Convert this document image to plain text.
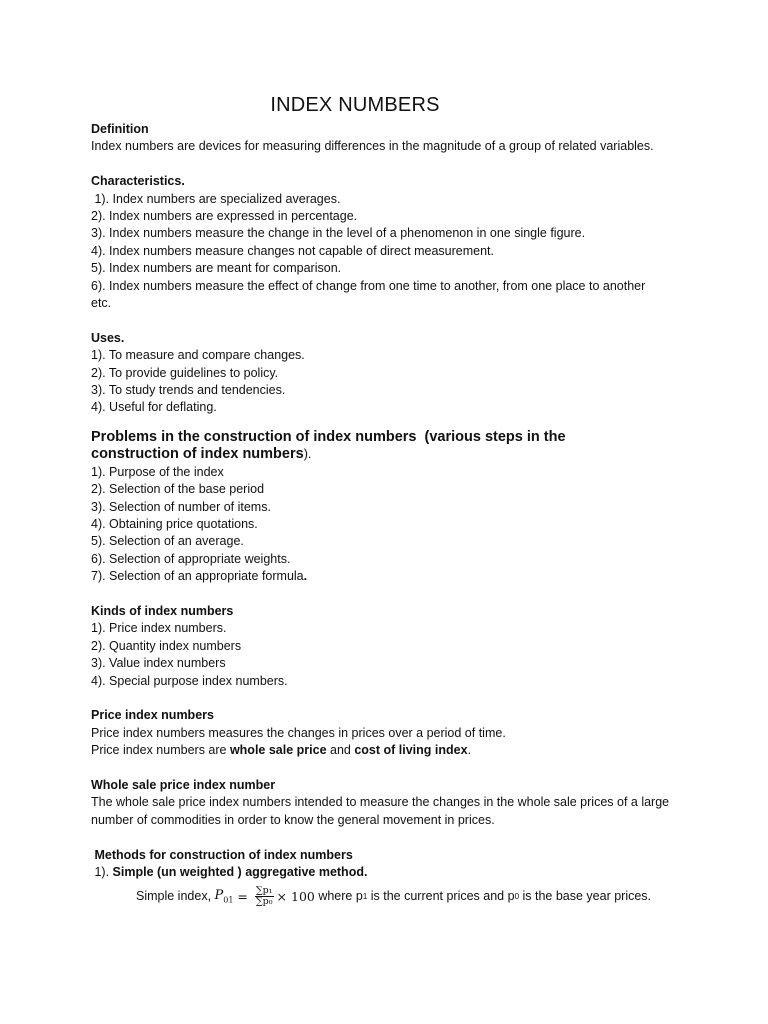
INDEX NUMBERS

Definition

Index numbers are devices for measuring differences in the magnitude of a group of related variables.

Characteristics.

1). Index numbers are specialized averages.

2). Index numbers are expressed in percentage.

3). Index numbers measure the change in the level of a phenomenon in one single figure.

4). Index numbers measure changes not capable of direct measurement.

5). Index numbers are meant for comparison.

6). Index numbers measure the effect of change from one time to another, from one place to another

etc.

Uses.

1). To measure and compare changes.

2). To provide guidelines to policy.

3). To study trends and tendencies.

4). Useful for deflating.

Problems in the construction of index numbers  (various steps in the
construction of index numbers).

1). Purpose of the index

2). Selection of the base period

3). Selection of number of items.

4). Obtaining price quotations.

5). Selection of an average.

6). Selection of appropriate weights.

7). Selection of an appropriate formula.

Kinds of index numbers

1). Price index numbers.

2). Quantity index numbers

3). Value index numbers

4). Special purpose index numbers.

Price index numbers

Price index numbers measures the changes in prices over a period of time.

Price index numbers are whole sale price and cost of living index.

Whole sale price index number

The whole sale price index numbers intended to measure the changes in the whole sale prices of a large

number of commodities in order to know the general movement in prices.

Methods for construction of index numbers

1). Simple (un weighted ) aggregative method.

Simple index, $P_{01} = \frac{\text{∑p₁}}{\text{∑p₀}} \times 100$ where p 1 is the current prices and p 0 is the base year prices.
